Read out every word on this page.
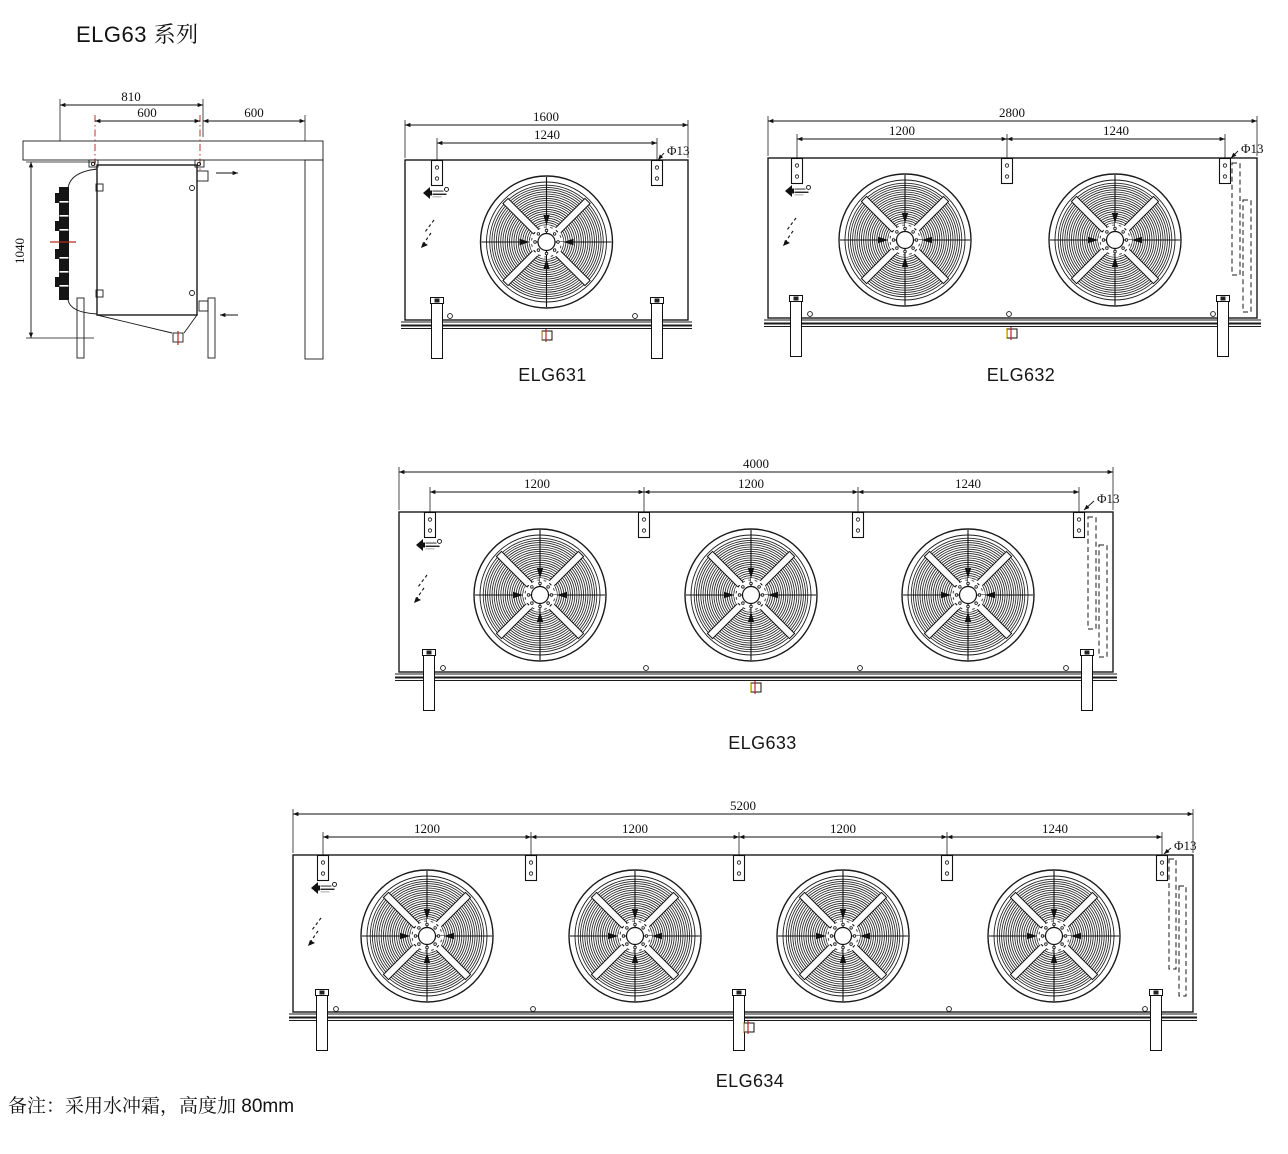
ELG63 系列
810
600	600
1040
1600
1240
Φ13
ELG631
2800
1200	1240
Φ13
ELG632
4000
1200	1200	1240
Φ13
ELG633
5200
1200	1200	1200	1240
Φ13
ELG634
备注：采用水冲霜，高度加 80mm
